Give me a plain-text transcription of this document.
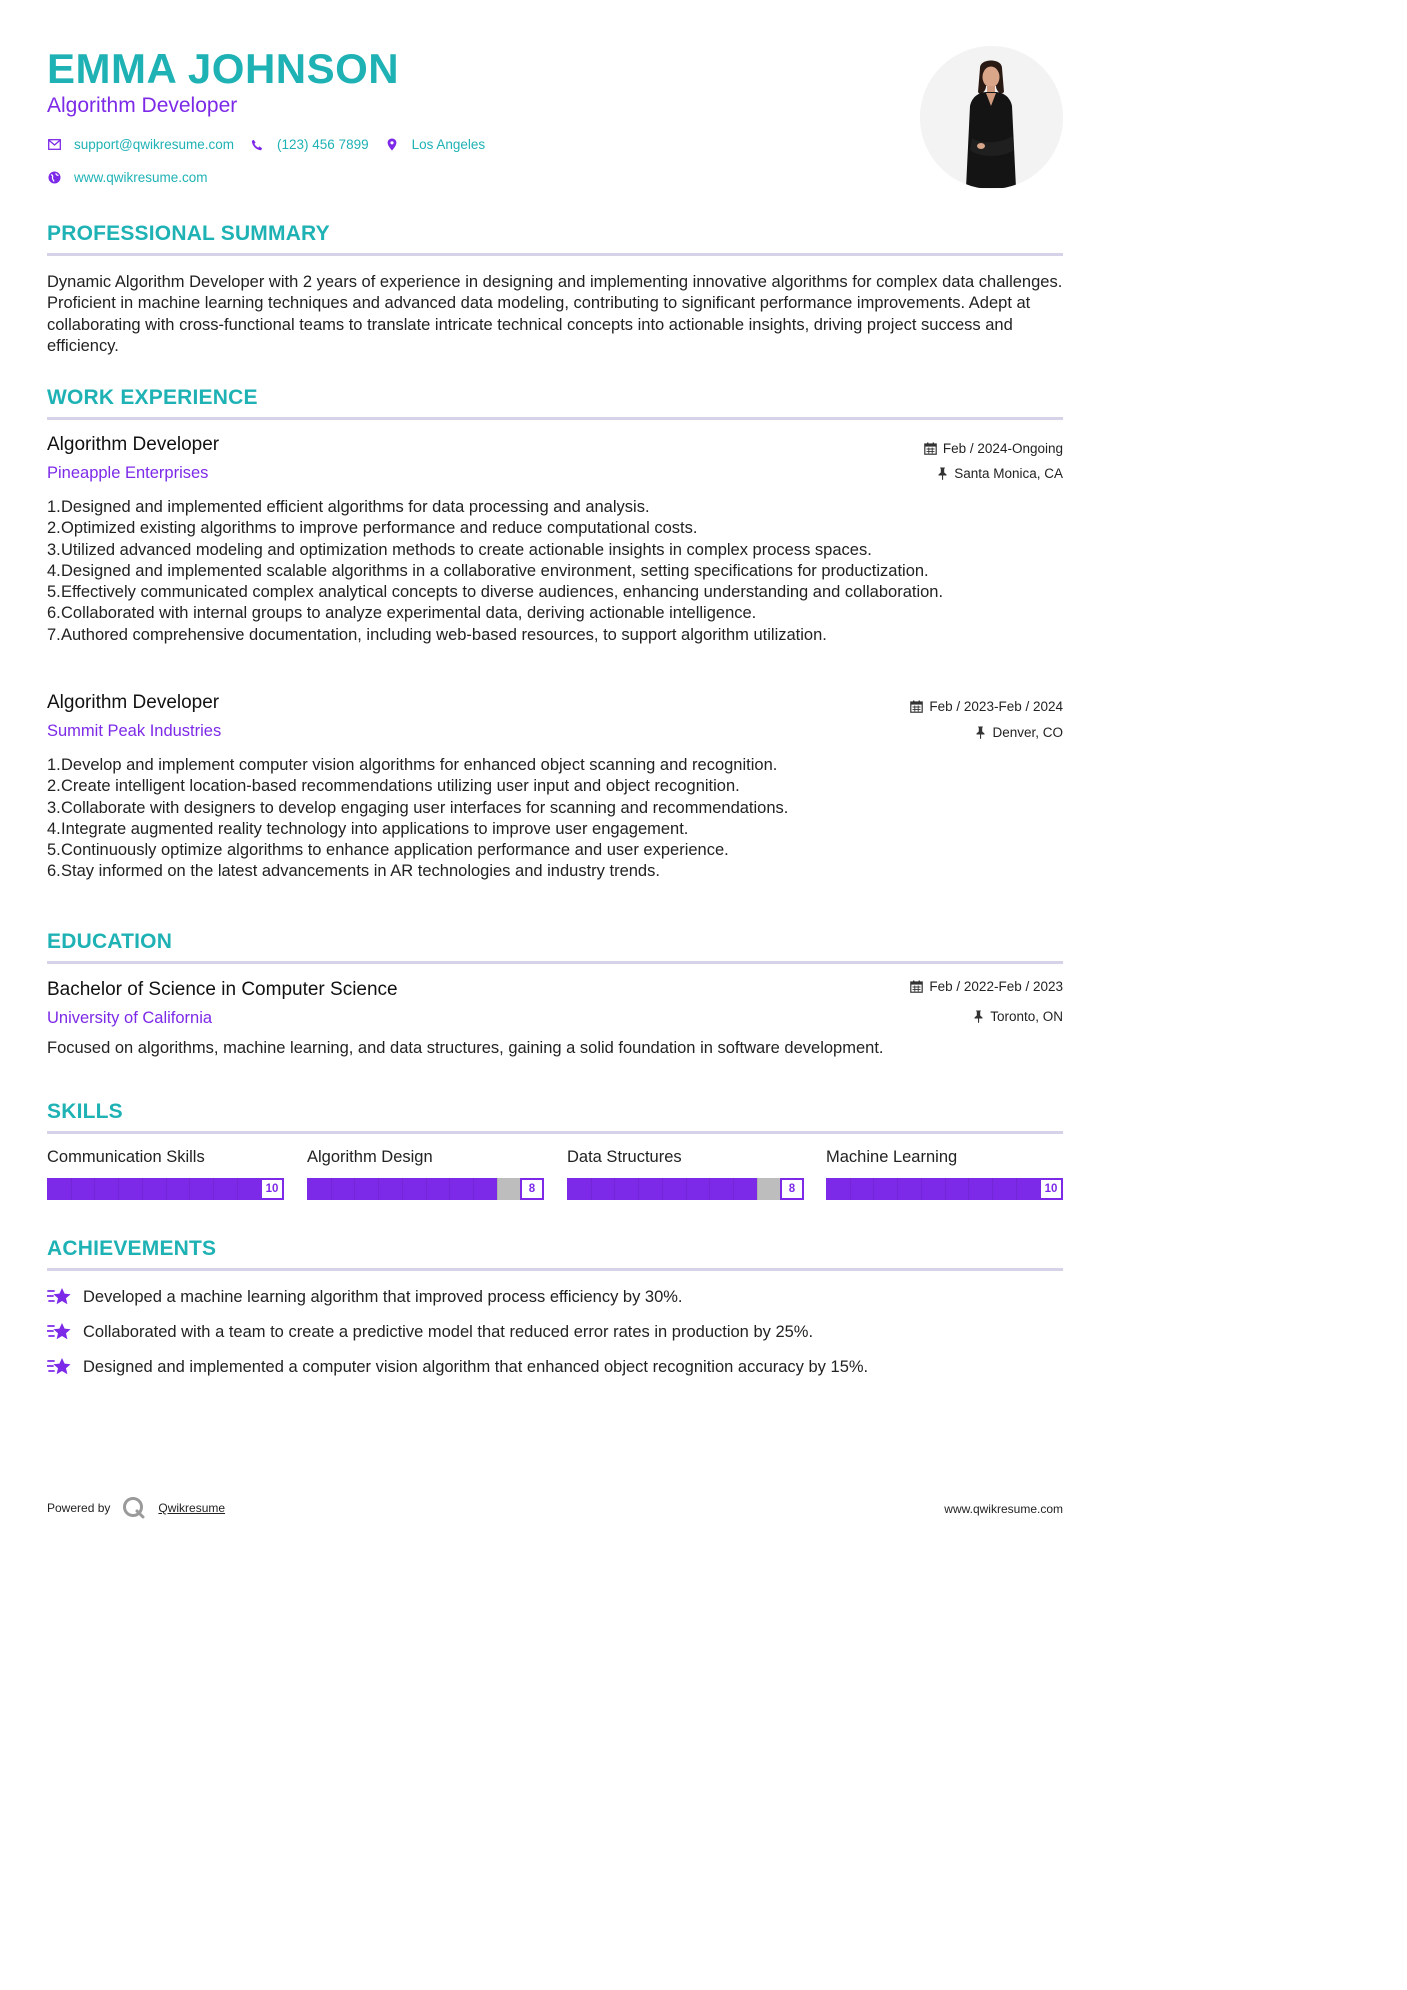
EMMA JOHNSON
Algorithm Developer
support@qwikresume.com	(123) 456 7899	Los Angeles
www.qwikresume.com
PROFESSIONAL SUMMARY
Dynamic Algorithm Developer with 2 years of experience in designing and implementing innovative algorithms for complex data challenges. Proficient in machine learning techniques and advanced data modeling, contributing to significant performance improvements. Adept at collaborating with cross-functional teams to translate intricate technical concepts into actionable insights, driving project success and efficiency.
WORK EXPERIENCE
Algorithm Developer	Feb / 2024-Ongoing
Pineapple Enterprises	Santa Monica, CA
1. Designed and implemented efficient algorithms for data processing and analysis.
2. Optimized existing algorithms to improve performance and reduce computational costs.
3. Utilized advanced modeling and optimization methods to create actionable insights in complex process spaces.
4. Designed and implemented scalable algorithms in a collaborative environment, setting specifications for productization.
5. Effectively communicated complex analytical concepts to diverse audiences, enhancing understanding and collaboration.
6. Collaborated with internal groups to analyze experimental data, deriving actionable intelligence.
7. Authored comprehensive documentation, including web-based resources, to support algorithm utilization.
Algorithm Developer	Feb / 2023-Feb / 2024
Summit Peak Industries	Denver, CO
1. Develop and implement computer vision algorithms for enhanced object scanning and recognition.
2. Create intelligent location-based recommendations utilizing user input and object recognition.
3. Collaborate with designers to develop engaging user interfaces for scanning and recommendations.
4. Integrate augmented reality technology into applications to improve user engagement.
5. Continuously optimize algorithms to enhance application performance and user experience.
6. Stay informed on the latest advancements in AR technologies and industry trends.
EDUCATION
Bachelor of Science in Computer Science	Feb / 2022-Feb / 2023
University of California	Toronto, ON
Focused on algorithms, machine learning, and data structures, gaining a solid foundation in software development.
SKILLS
Communication Skills
10
Algorithm Design
8
Data Structures
8
Machine Learning
10
ACHIEVEMENTS
Developed a machine learning algorithm that improved process efficiency by 30%.
Collaborated with a team to create a predictive model that reduced error rates in production by 25%.
Designed and implemented a computer vision algorithm that enhanced object recognition accuracy by 15%.
Powered by	Qwikresume	www.qwikresume.com
